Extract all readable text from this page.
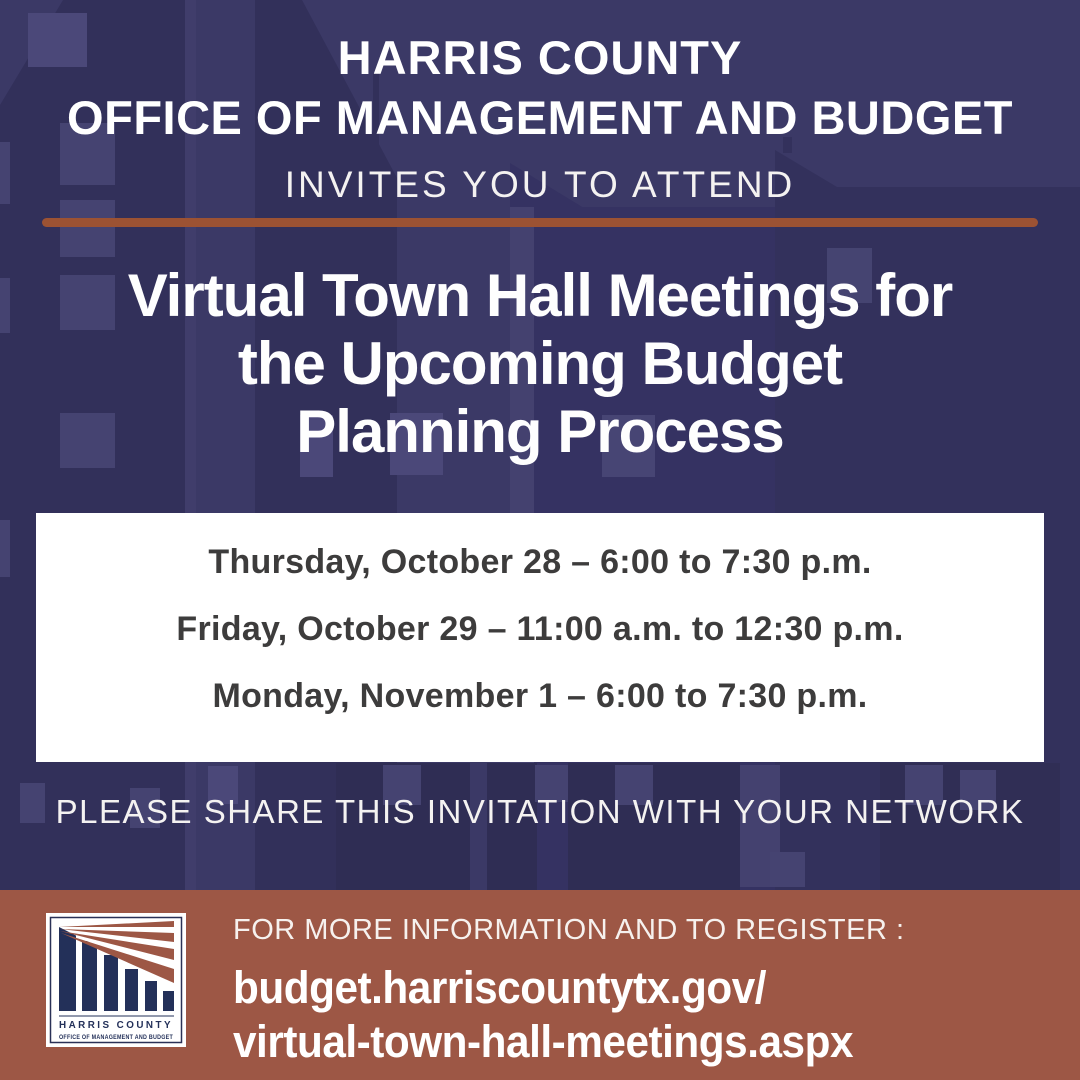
HARRIS COUNTY
OFFICE OF MANAGEMENT AND BUDGET
INVITES YOU TO ATTEND
Virtual Town Hall Meetings for
the Upcoming Budget
Planning Process
Thursday, October 28 – 6:00 to 7:30 p.m.
Friday, October 29 – 11:00 a.m. to 12:30 p.m.
Monday, November 1 – 6:00 to 7:30 p.m.
PLEASE SHARE THIS INVITATION WITH YOUR NETWORK
HARRIS COUNTY
OFFICE OF MANAGEMENT AND BUDGET
FOR MORE INFORMATION AND TO REGISTER :
budget.harriscountytx.gov/
virtual-town-hall-meetings.aspx
